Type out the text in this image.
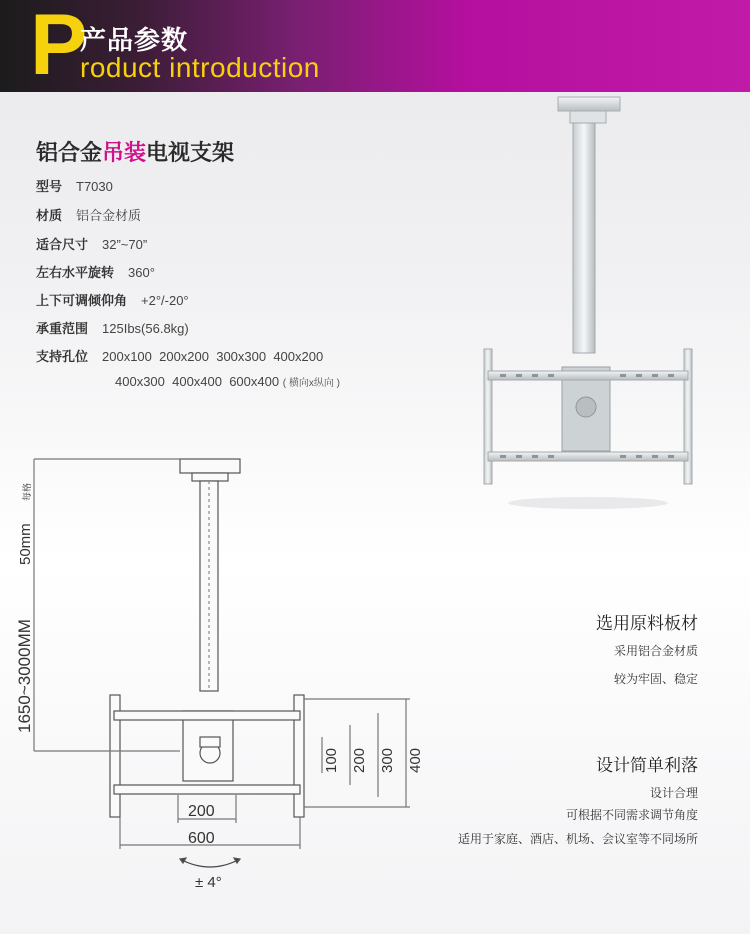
P
产品参数
roduct introduction
铝合金吊装电视支架
型号 T7030
材质 铝合金材质
适合尺寸 32”~70”
左右水平旋转 360°
上下可调倾仰角 +2°/-20°
承重范围 125Ibs(56.8kg)
支持孔位 200x100  200x200  300x300  400x200
400x300  400x400  600x400 ( 横向x纵向 )
1650~3000MM
50mm
每格
200
600
100 200 300 400
± 4°
选用原料板材
采用铝合金材质
较为牢固、稳定
设计简单利落
设计合理
可根据不同需求调节角度
适用于家庭、酒店、机场、会议室等不同场所
